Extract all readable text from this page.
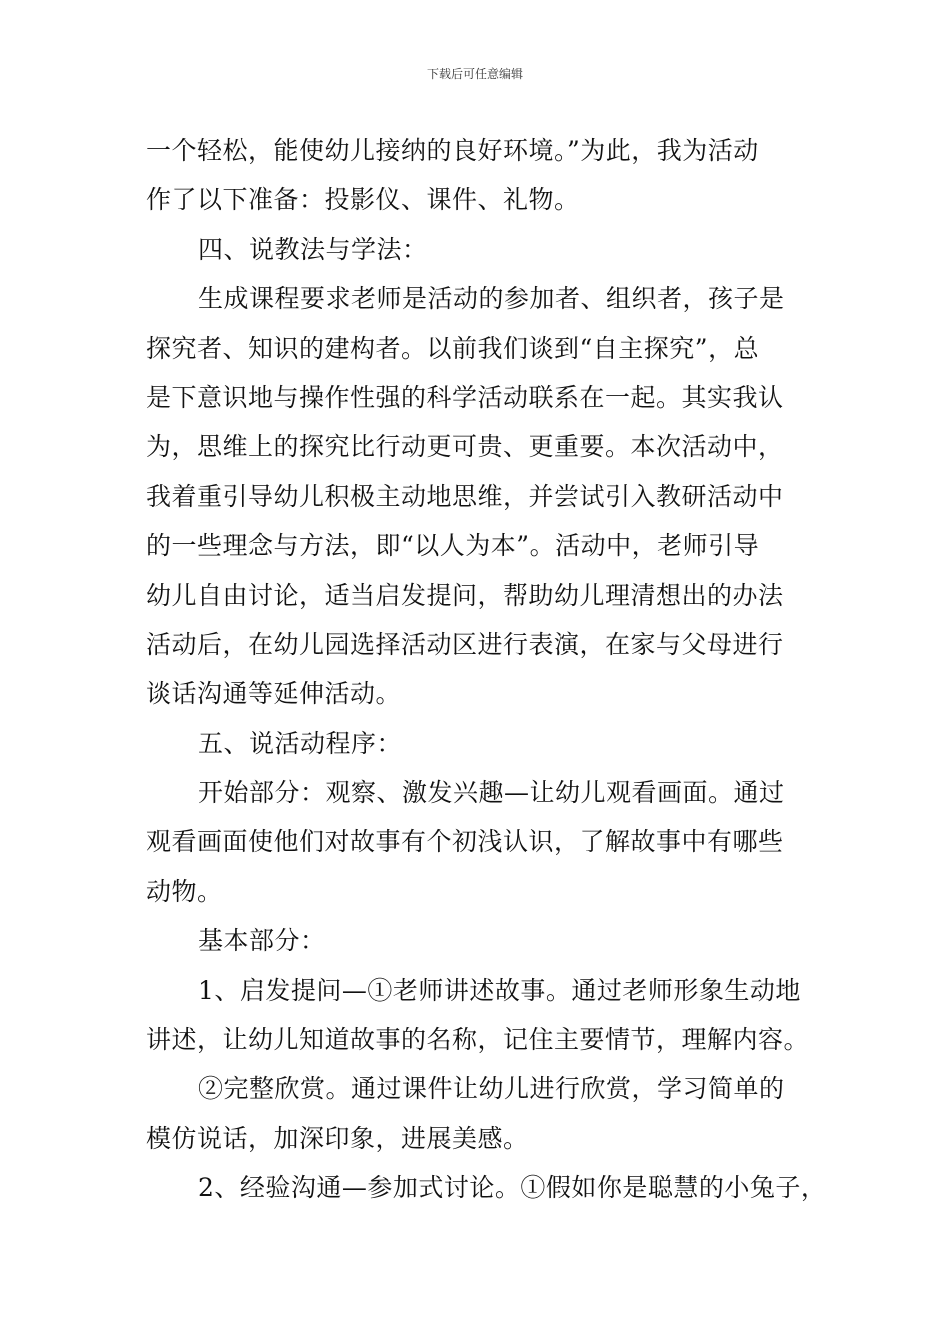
下载后可任意编辑
一个轻松，能使幼儿接纳的良好环境。”为此，我为活动
作了以下准备：投影仪、课件、礼物。
四、说教法与学法：
生成课程要求老师是活动的参加者、组织者，孩子是
探究者、知识的建构者。以前我们谈到“自主探究”，总
是下意识地与操作性强的科学活动联系在一起。其实我认
为，思维上的探究比行动更可贵、更重要。本次活动中，
我着重引导幼儿积极主动地思维，并尝试引入教研活动中
的一些理念与方法，即“以人为本”。活动中，老师引导
幼儿自由讨论，适当启发提问，帮助幼儿理清想出的办法
活动后，在幼儿园选择活动区进行表演，在家与父母进行
谈话沟通等延伸活动。
五、说活动程序：
开始部分：观察、激发兴趣—让幼儿观看画面。通过
观看画面使他们对故事有个初浅认识，了解故事中有哪些
动物。
基本部分：
1、启发提问—①老师讲述故事。通过老师形象生动地
讲述，让幼儿知道故事的名称，记住主要情节，理解内容。
②完整欣赏。通过课件让幼儿进行欣赏，学习简单的
模仿说话，加深印象，进展美感。
2、经验沟通—参加式讨论。①假如你是聪慧的小兔子，
